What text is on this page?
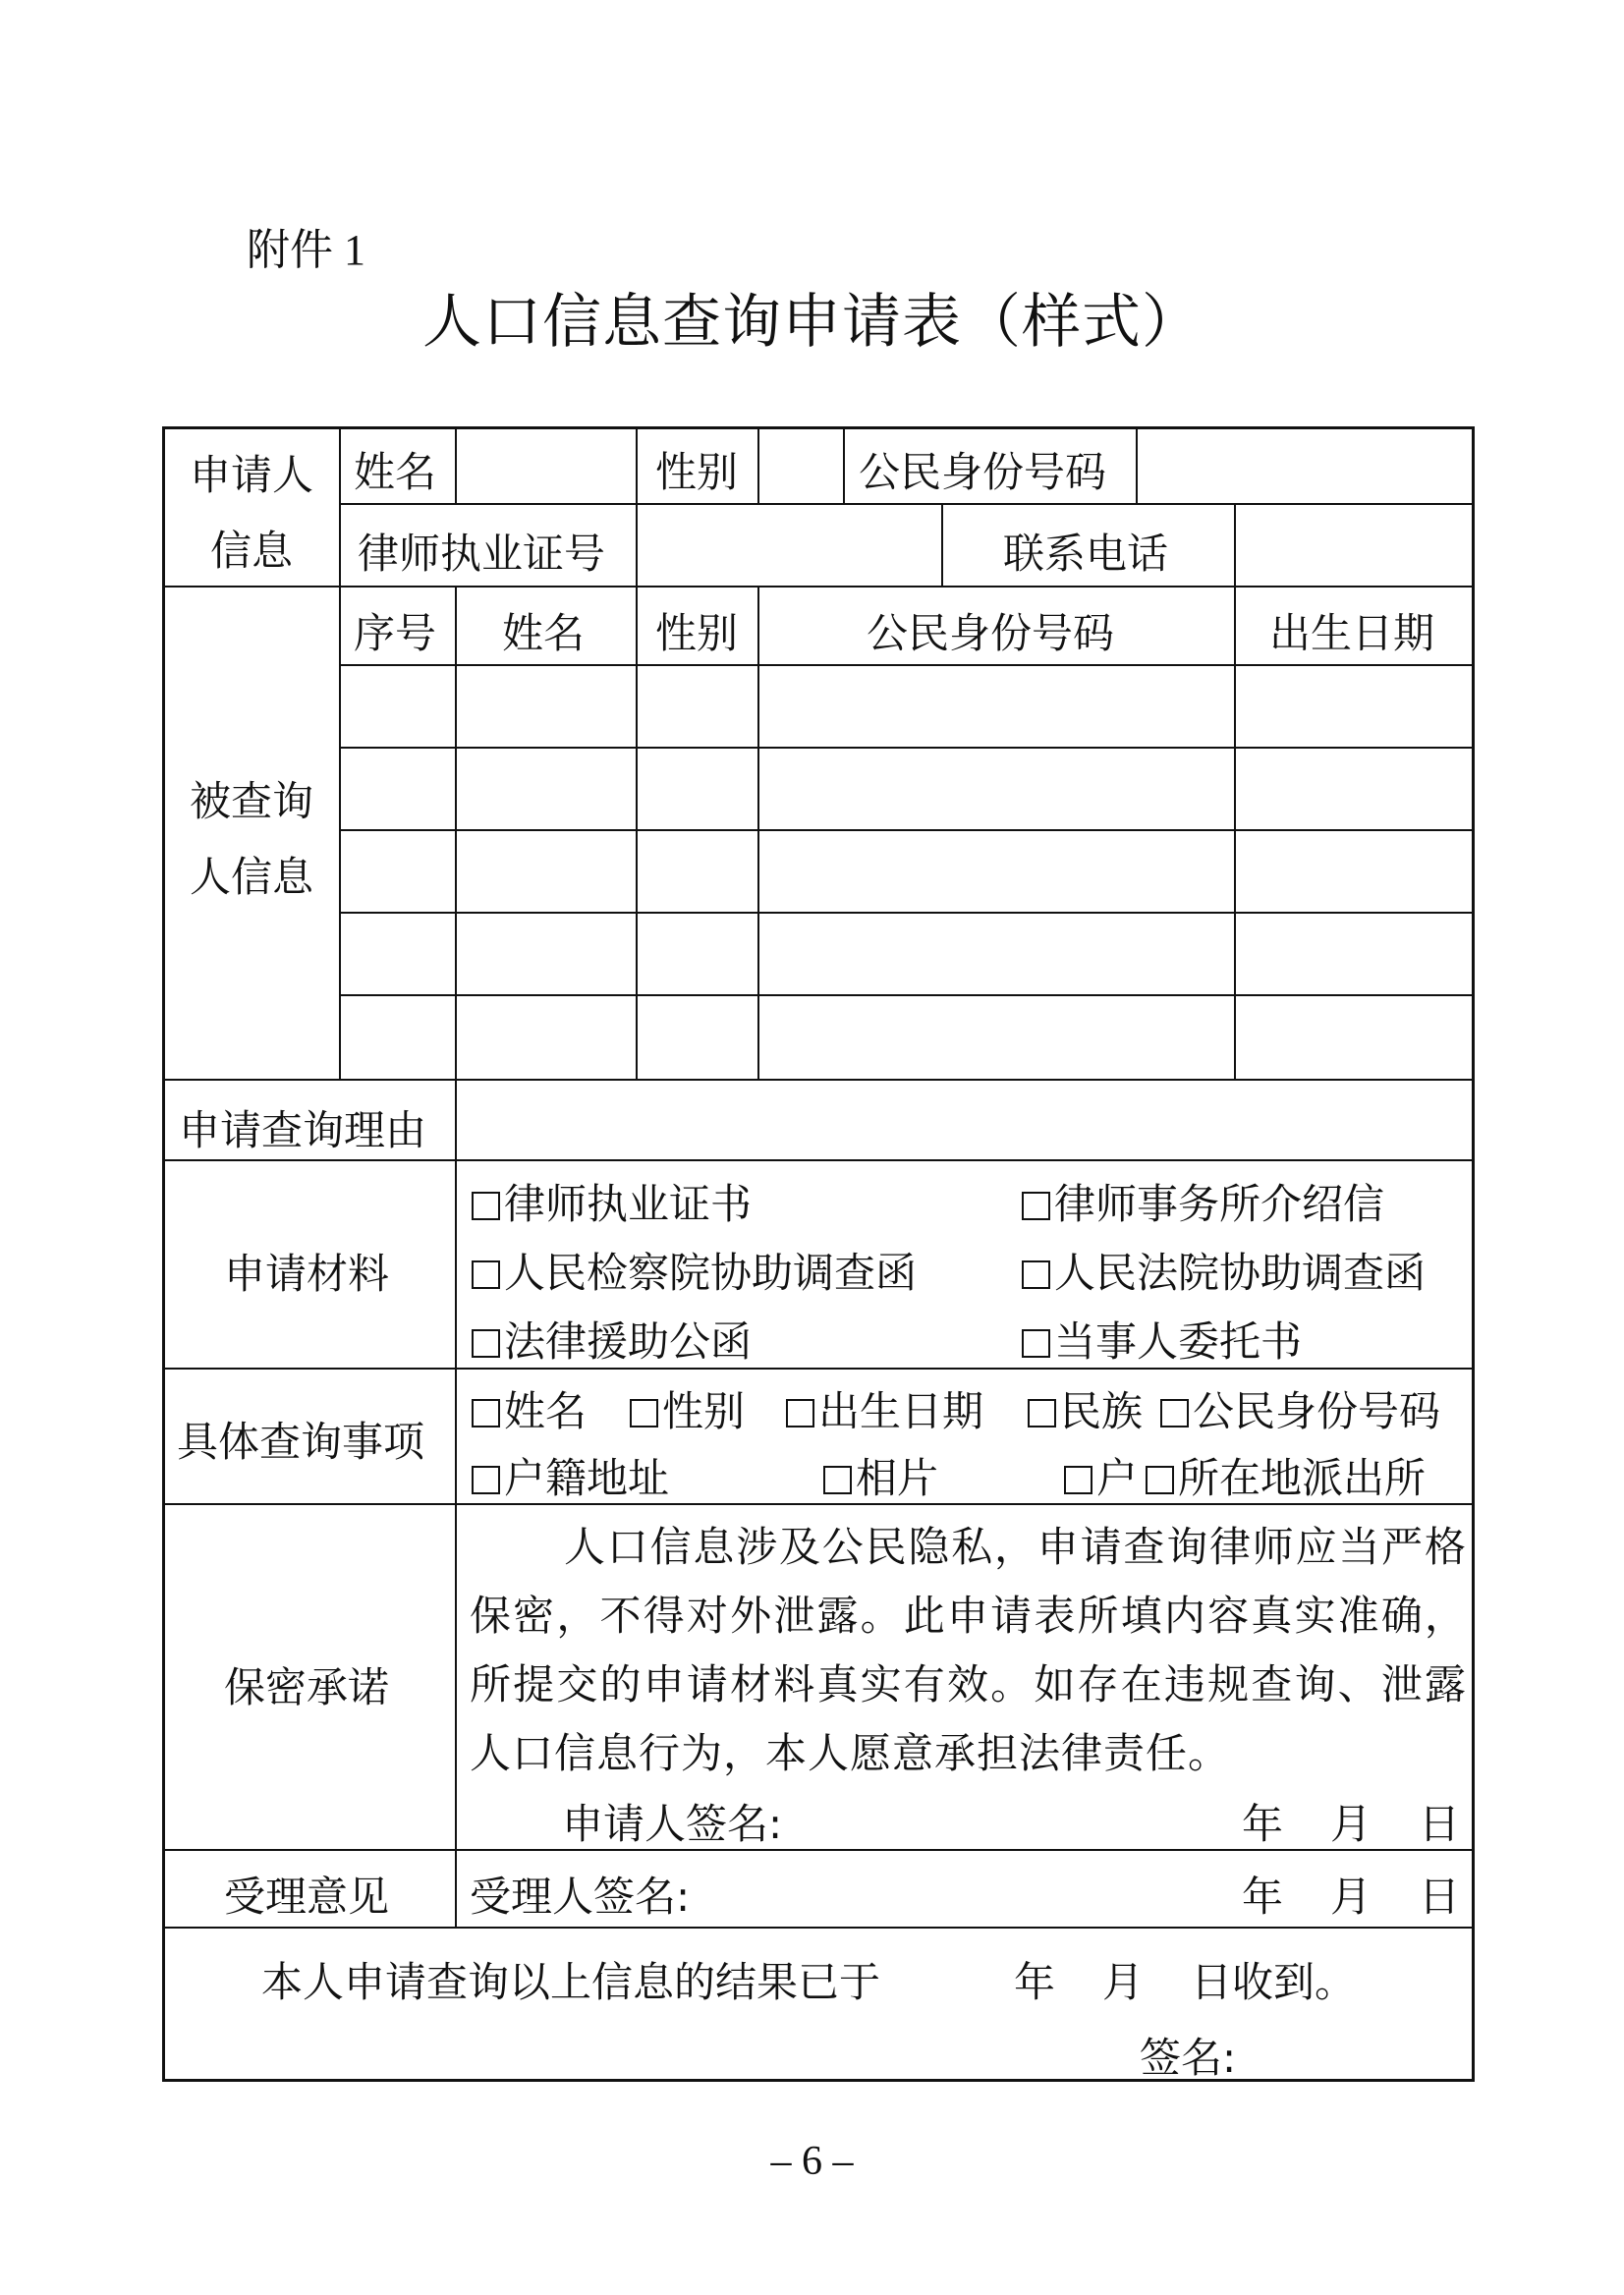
附件 1
人口信息查询申请表（样式）
申请人
信息
姓名	性别	公民身份号码
律师执业证号	联系电话
被查询
人信息
序号 姓名 性别	公民身份号码	出生日期
申请查询理由
申请材料
律师执业证书	律师事务所介绍信
人民检察院协助调查函	人民法院协助调查函
法律援助公函	当事人委托书
具体查询事项
姓名	性别	出生日期	民族	公民身份号码
户籍地址	相片	户 所在地派出所
保密承诺
人口信息涉及公民隐私，申请查询律师应当严格保密，不得对外泄露。此申请表所填内容真实准确，所提交的申请材料真实有效。如存在违规查询、泄露人口信息行为，本人愿意承担法律责任。
申请人签名:	年 月 日
受理意见 受理人签名:	年 月 日
本人申请查询以上信息的结果已于	年 月 日收到。
签名:
– 6 –
